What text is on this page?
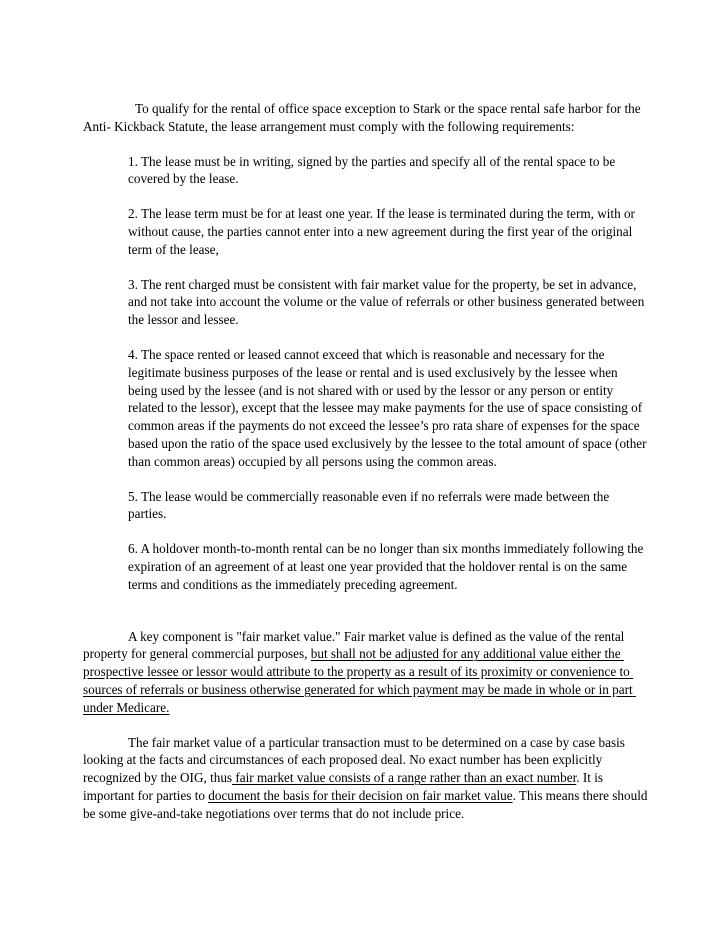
To qualify for the rental of office space exception to Stark or the space rental safe harbor for the Anti- Kickback Statute, the lease arrangement must comply with the following requirements:

1. The lease must be in writing, signed by the parties and specify all of the rental space to be covered by the lease.

2. The lease term must be for at least one year. If the lease is terminated during the term, with or without cause, the parties cannot enter into a new agreement during the first year of the original term of the lease,

3. The rent charged must be consistent with fair market value for the property, be set in advance, and not take into account the volume or the value of referrals or other business generated between the lessor and lessee.

4. The space rented or leased cannot exceed that which is reasonable and necessary for the legitimate business purposes of the lease or rental and is used exclusively by the lessee when being used by the lessee (and is not shared with or used by the lessor or any person or entity related to the lessor), except that the lessee may make payments for the use of space consisting of common areas if the payments do not exceed the lessee’s pro rata share of expenses for the space based upon the ratio of the space used exclusively by the lessee to the total amount of space (other than common areas) occupied by all persons using the common areas.

5. The lease would be commercially reasonable even if no referrals were made between the parties.

6. A holdover month-to-month rental can be no longer than six months immediately following the expiration of an agreement of at least one year provided that the holdover rental is on the same terms and conditions as the immediately preceding agreement.

A key component is "fair market value." Fair market value is defined as the value of the rental property for general commercial purposes, but shall not be adjusted for any additional value either the prospective lessee or lessor would attribute to the property as a result of its proximity or convenience to sources of referrals or business otherwise generated for which payment may be made in whole or in part under Medicare.

The fair market value of a particular transaction must to be determined on a case by case basis looking at the facts and circumstances of each proposed deal. No exact number has been explicitly recognized by the OIG, thus fair market value consists of a range rather than an exact number. It is important for parties to document the basis for their decision on fair market value. This means there should be some give-and-take negotiations over terms that do not include price.
